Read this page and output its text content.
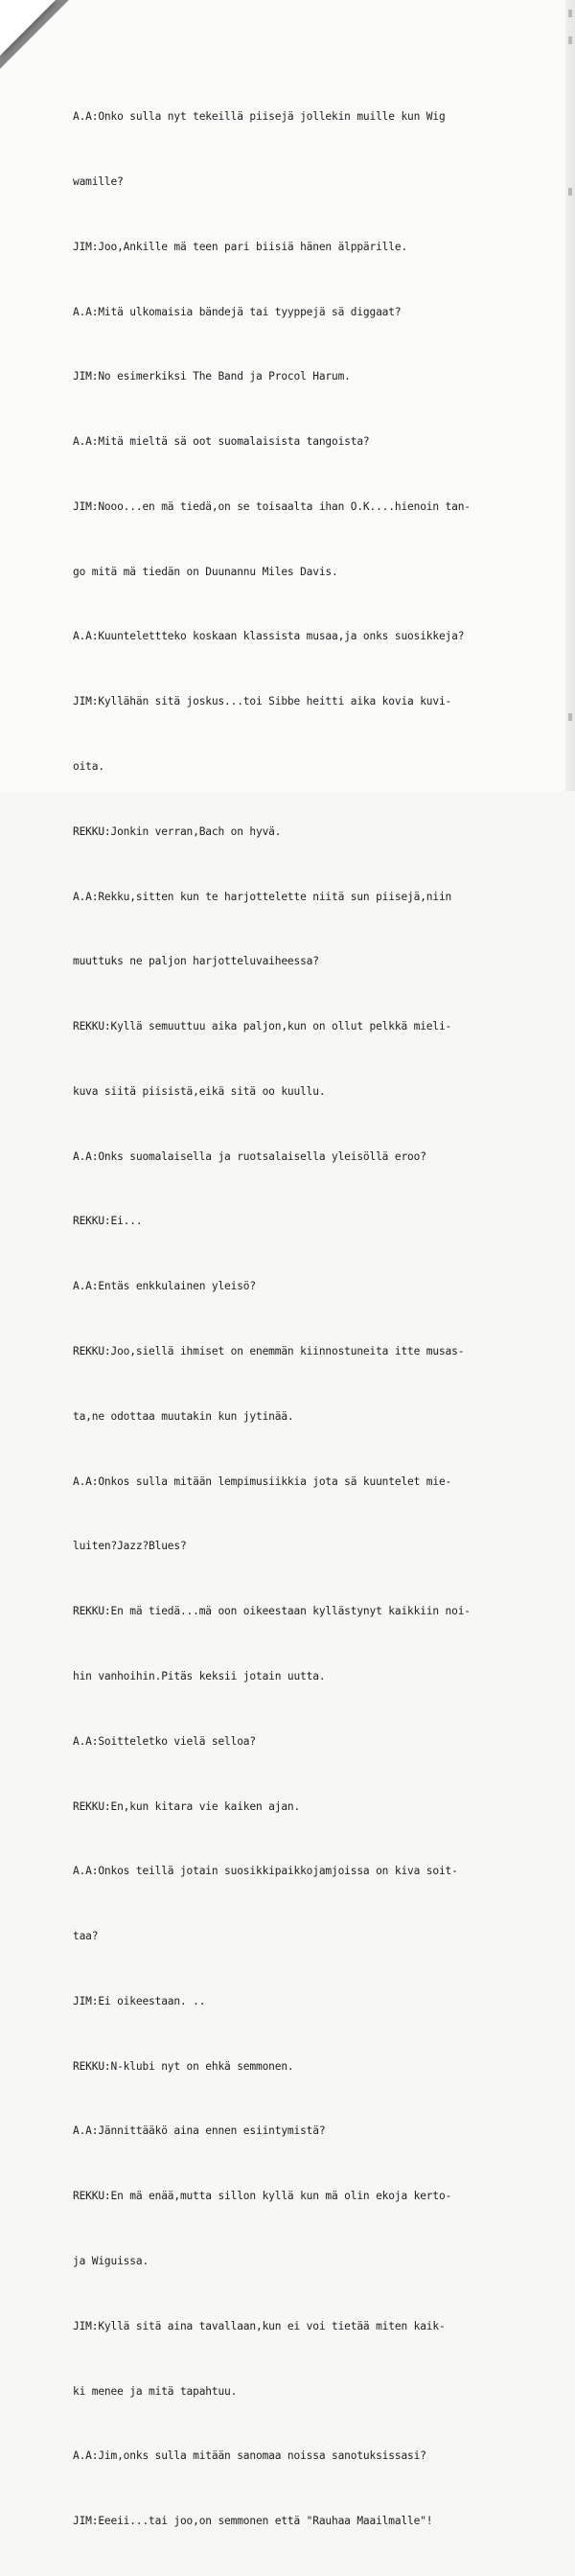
A.A:Onko sulla nyt tekeillä piisejä jollekin muille kun Wig

wamille?

JIM:Joo,Ankille mä teen pari biisiä hänen älppärille.

A.A:Mitä ulkomaisia bändejä tai tyyppejä sä diggaat?

JIM:No esimerkiksi The Band ja Procol Harum.

A.A:Mitä mieltä sä oot suomalaisista tangoista?

JIM:Nooo...en mä tiedä,on se toisaalta ihan O.K....hienoin tan-

go mitä mä tiedän on Duunannu Miles Davis.

A.A:Kuuntelettteko koskaan klassista musaa,ja onks suosikkeja?

JIM:Kyllähän sitä joskus...toi Sibbe heitti aika kovia kuvi-

oita.

REKKU:Jonkin verran,Bach on hyvä.

A.A:Rekku,sitten kun te harjottelette niitä sun piisejä,niin

muuttuks ne paljon harjotteluvaiheessa?

REKKU:Kyllä semuuttuu aika paljon,kun on ollut pelkkä mieli-

kuva siitä piisistä,eikä sitä oo kuullu.

A.A:Onks suomalaisella ja ruotsalaisella yleisöllä eroo?

REKKU:Ei...

A.A:Entäs enkkulainen yleisö?

REKKU:Joo,siellä ihmiset on enemmän kiinnostuneita itte musas-

ta,ne odottaa muutakin kun jytinää.

A.A:Onkos sulla mitään lempimusiikkia jota sä kuuntelet mie-

luiten?Jazz?Blues?

REKKU:En mä tiedä...mä oon oikeestaan kyllästynyt kaikkiin noi-

hin vanhoihin.Pitäs keksii jotain uutta.

A.A:Soitteletko vielä selloa?

REKKU:En,kun kitara vie kaiken ajan.

A.A:Onkos teillä jotain suosikkipaikkojamjoissa on kiva soit-

taa?

JIM:Ei oikeestaan. ..

REKKU:N-klubi nyt on ehkä semmonen.

A.A:Jännittääkö aina ennen esiintymistä?

REKKU:En mä enää,mutta sillon kyllä kun mä olin ekoja kerto-

ja Wiguissa.

JIM:Kyllä sitä aina tavallaan,kun ei voi tietää miten kaik-

ki menee ja mitä tapahtuu.

A.A:Jim,onks sulla mitään sanomaa noissa sanotuksissasi?

JIM:Eeeii...tai joo,on semmonen että "Rauhaa Maailmalle"!
